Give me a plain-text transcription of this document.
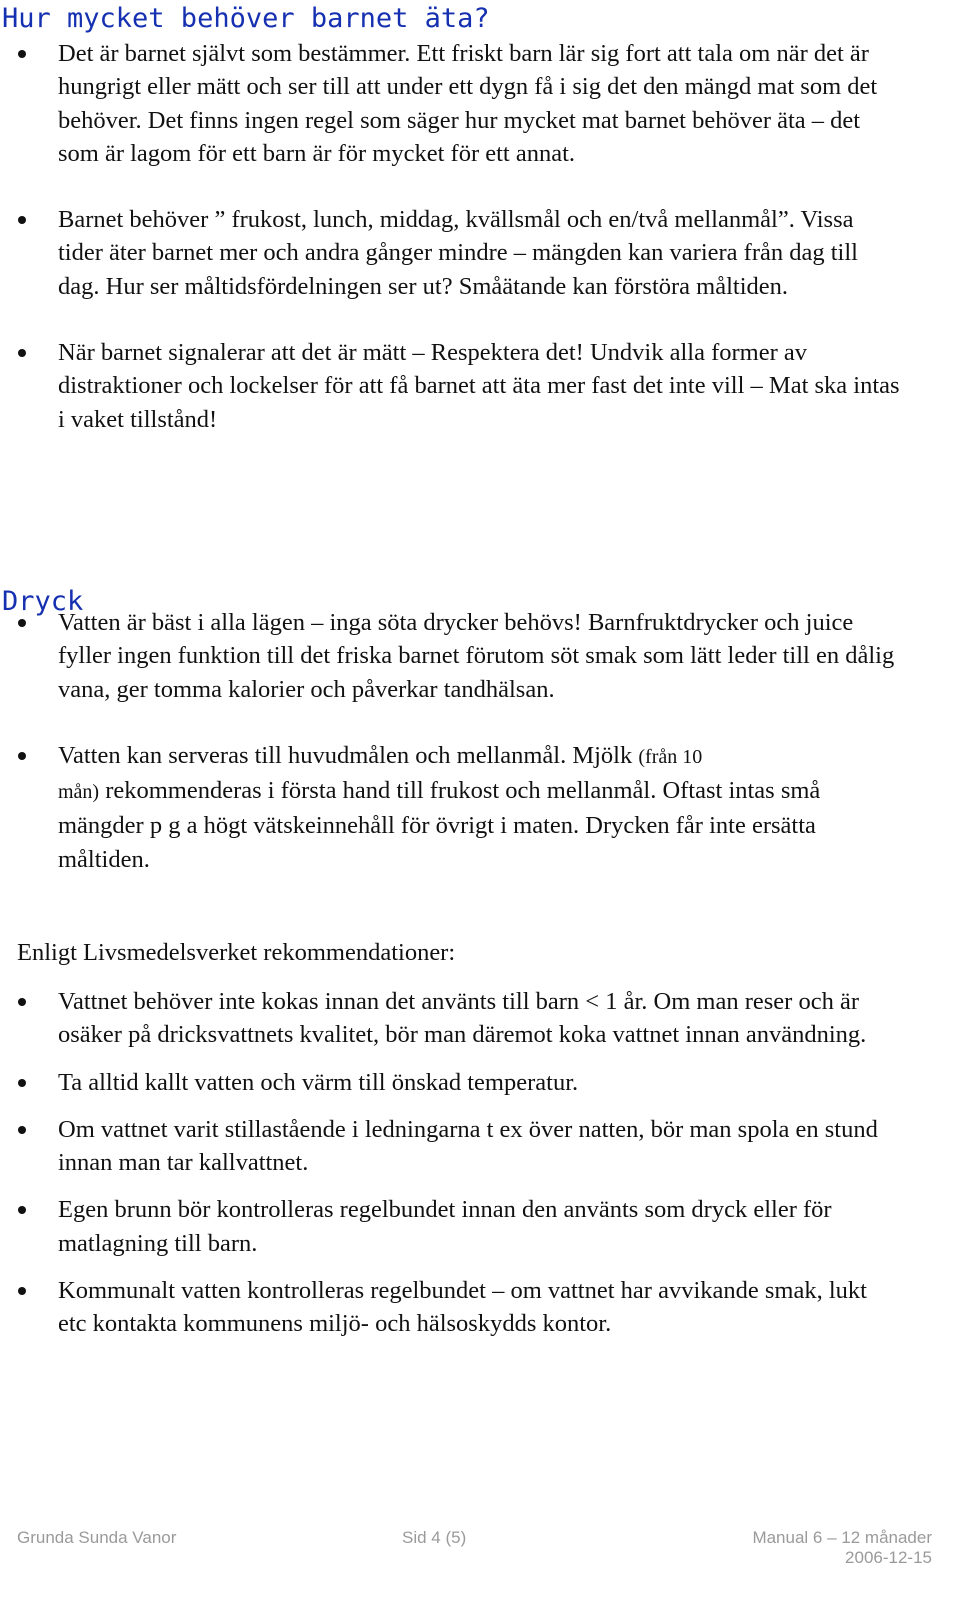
Hur mycket behöver barnet äta?
Det är barnet självt som bestämmer. Ett friskt barn lär sig fort att tala om när det är hungrigt eller mätt och ser till att under ett dygn få i sig det den mängd mat som det behöver. Det finns ingen regel som säger hur mycket mat barnet behöver äta – det som är lagom för ett barn är för mycket för ett annat.
Barnet behöver ” frukost, lunch, middag, kvällsmål och en/två mellanmål”. Vissa tider äter barnet mer och andra gånger mindre – mängden kan variera från dag till dag. Hur ser måltidsfördelningen ser ut? Småätande kan förstöra måltiden.
När barnet signalerar att det är mätt – Respektera det! Undvik alla former av distraktioner och lockelser för att få barnet att äta mer fast det inte vill – Mat ska intas i vaket tillstånd!
Dryck
Vatten är bäst i alla lägen – inga söta drycker behövs! Barnfruktdrycker och juice fyller ingen funktion till det friska barnet förutom söt smak som lätt leder till en dålig vana, ger tomma kalorier och påverkar tandhälsan.
Vatten kan serveras till huvudmålen och mellanmål. Mjölk (från 10
mån) rekommenderas i första hand till frukost och mellanmål. Oftast intas små mängder p g a högt vätskeinnehåll för övrigt i maten. Drycken får inte ersätta måltiden.

Enligt Livsmedelsverket rekommendationer:

Vattnet behöver inte kokas innan det använts till barn < 1 år. Om man reser och är osäker på dricksvattnets kvalitet, bör man däremot koka vattnet innan användning.
Ta alltid kallt vatten och värm till önskad temperatur.
Om vattnet varit stillastående i ledningarna t ex över natten, bör man spola en stund innan man tar kallvattnet.
Egen brunn bör kontrolleras regelbundet innan den använts som dryck eller för matlagning till barn.
Kommunalt vatten kontrolleras regelbundet – om vattnet har avvikande smak, lukt etc kontakta kommunens miljö- och hälsoskydds kontor.
Grunda Sunda Vanor	Sid 4 (5)	Manual 6 – 12 månader
2006-12-15
